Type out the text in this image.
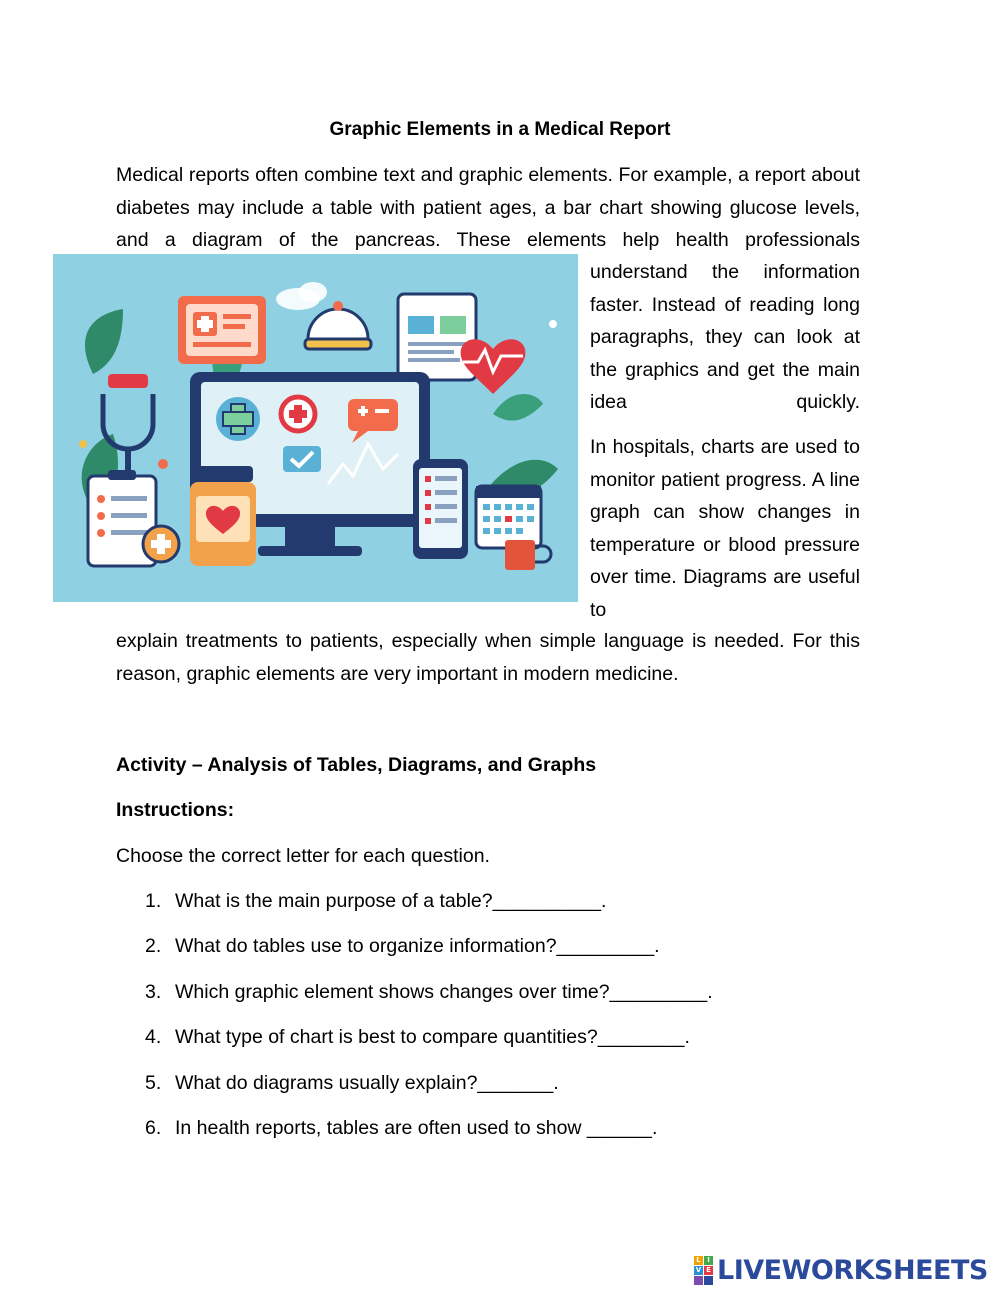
Graphic Elements in a Medical Report

Medical reports often combine text and graphic elements. For example, a report about diabetes may include a table with patient ages, a bar chart showing glucose levels, and a diagram of the pancreas. These elements help health professionals

understand the information faster. Instead of reading long paragraphs, they can look at the graphics and get the main idea quickly.

In hospitals, charts are used to monitor patient progress. A line graph can show changes in temperature or blood pressure over time. Diagrams are useful to

explain treatments to patients, especially when simple language is needed. For this reason, graphic elements are very important in modern medicine.

Activity – Analysis of Tables, Diagrams, and Graphs
Instructions:

Choose the correct letter for each question.

1. What is the main purpose of a table?__________.
2. What do tables use to organize information?_________.
3. Which graphic element shows changes over time?_________.
4. What type of chart is best to compare quantities?________.
5. What do diagrams usually explain?_______.
6. In health reports, tables are often used to show ______.
L I
V E LIVEWORKSHEETS
